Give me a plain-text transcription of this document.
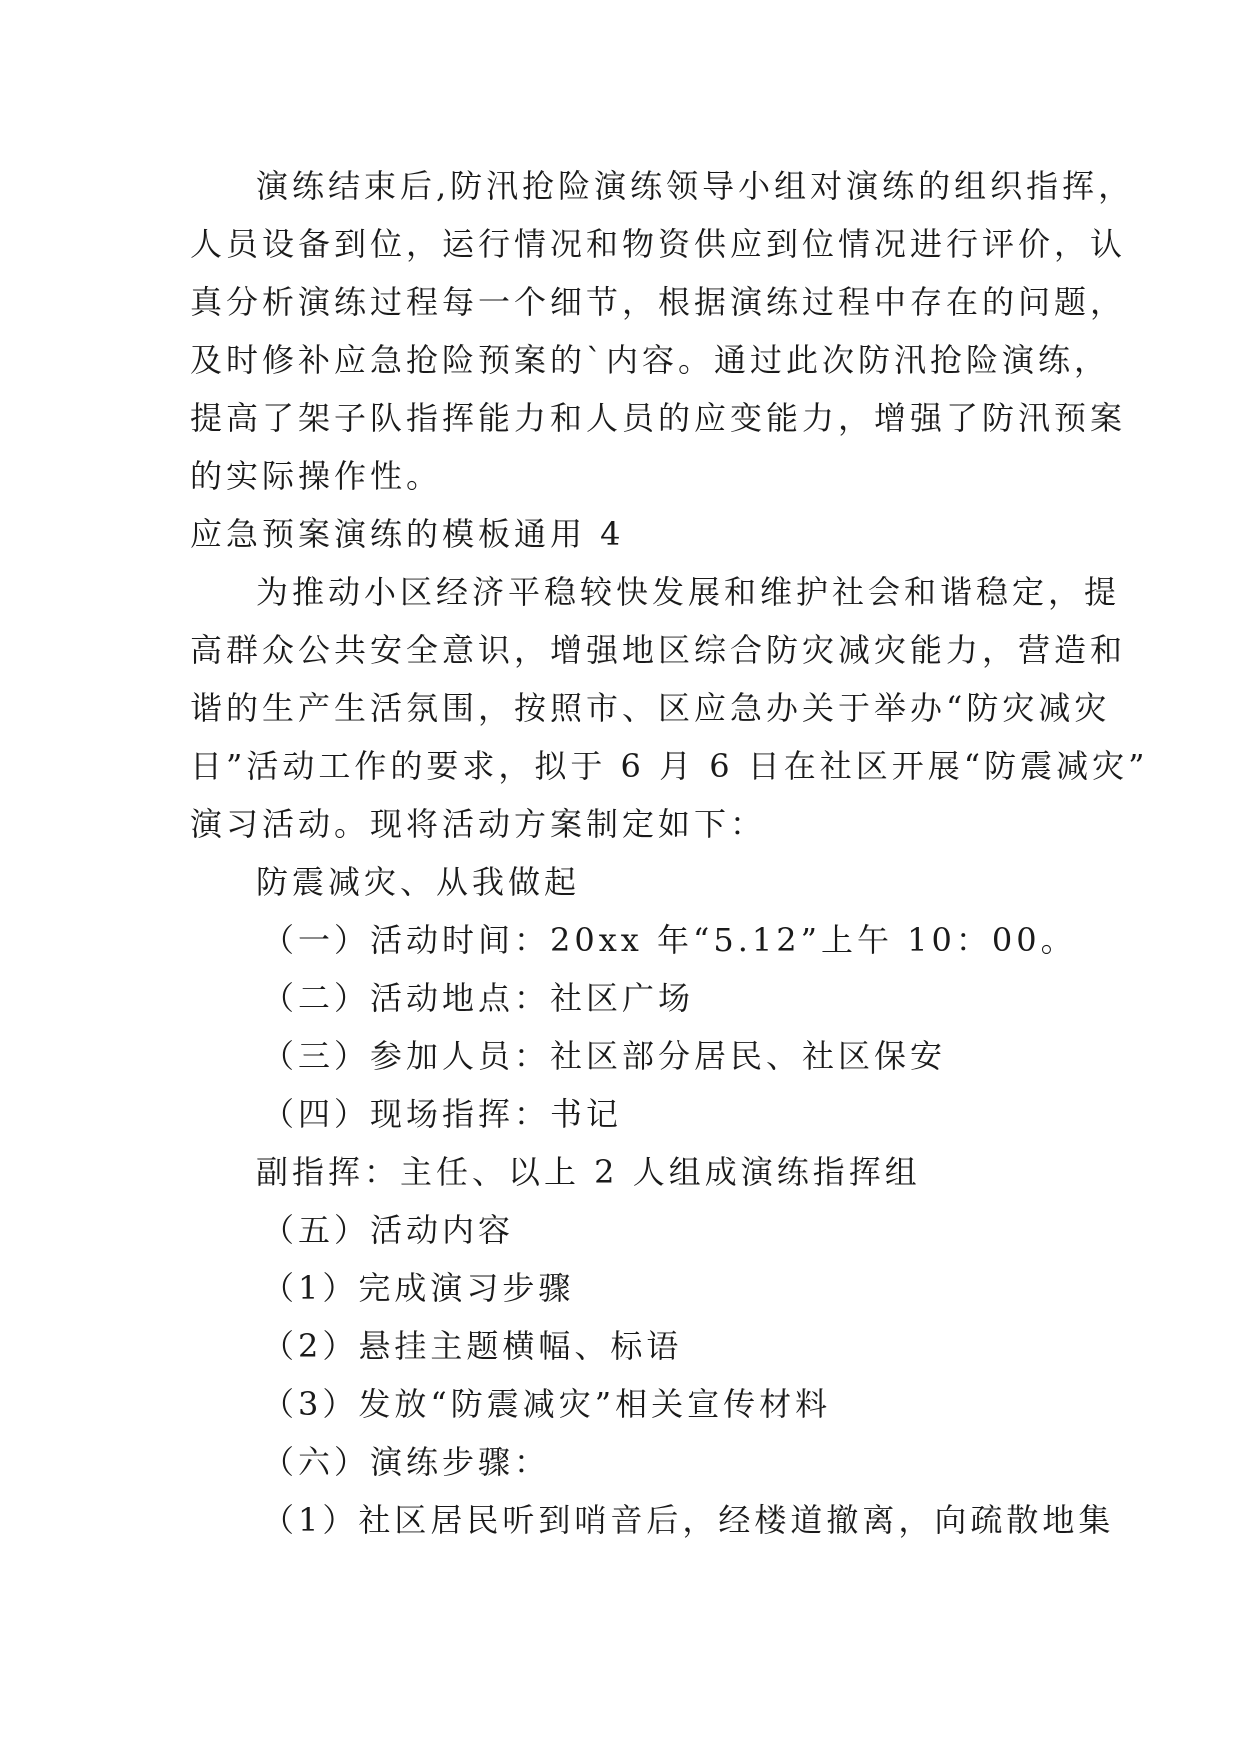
演练结束后,防汛抢险演练领导小组对演练的组织指挥，
人员设备到位，运行情况和物资供应到位情况进行评价，认
真分析演练过程每一个细节，根据演练过程中存在的问题，
及时修补应急抢险预案的`内容。通过此次防汛抢险演练，
提高了架子队指挥能力和人员的应变能力，增强了防汛预案
的实际操作性。
应急预案演练的模板通用 4
为推动小区经济平稳较快发展和维护社会和谐稳定，提
高群众公共安全意识，增强地区综合防灾减灾能力，营造和
谐的生产生活氛围，按照市、区应急办关于举办“防灾减灾
日”活动工作的要求，拟于 6 月 6 日在社区开展“防震减灾”
演习活动。现将活动方案制定如下：
防震减灾、从我做起
（一）活动时间：20xx 年“5.12”上午 10：00。
（二）活动地点：社区广场
（三）参加人员：社区部分居民、社区保安
（四）现场指挥：书记
副指挥：主任、以上 2 人组成演练指挥组
（五）活动内容
（1）完成演习步骤
（2）悬挂主题横幅、标语
（3）发放“防震减灾”相关宣传材料
（六）演练步骤：
（1）社区居民听到哨音后，经楼道撤离，向疏散地集
